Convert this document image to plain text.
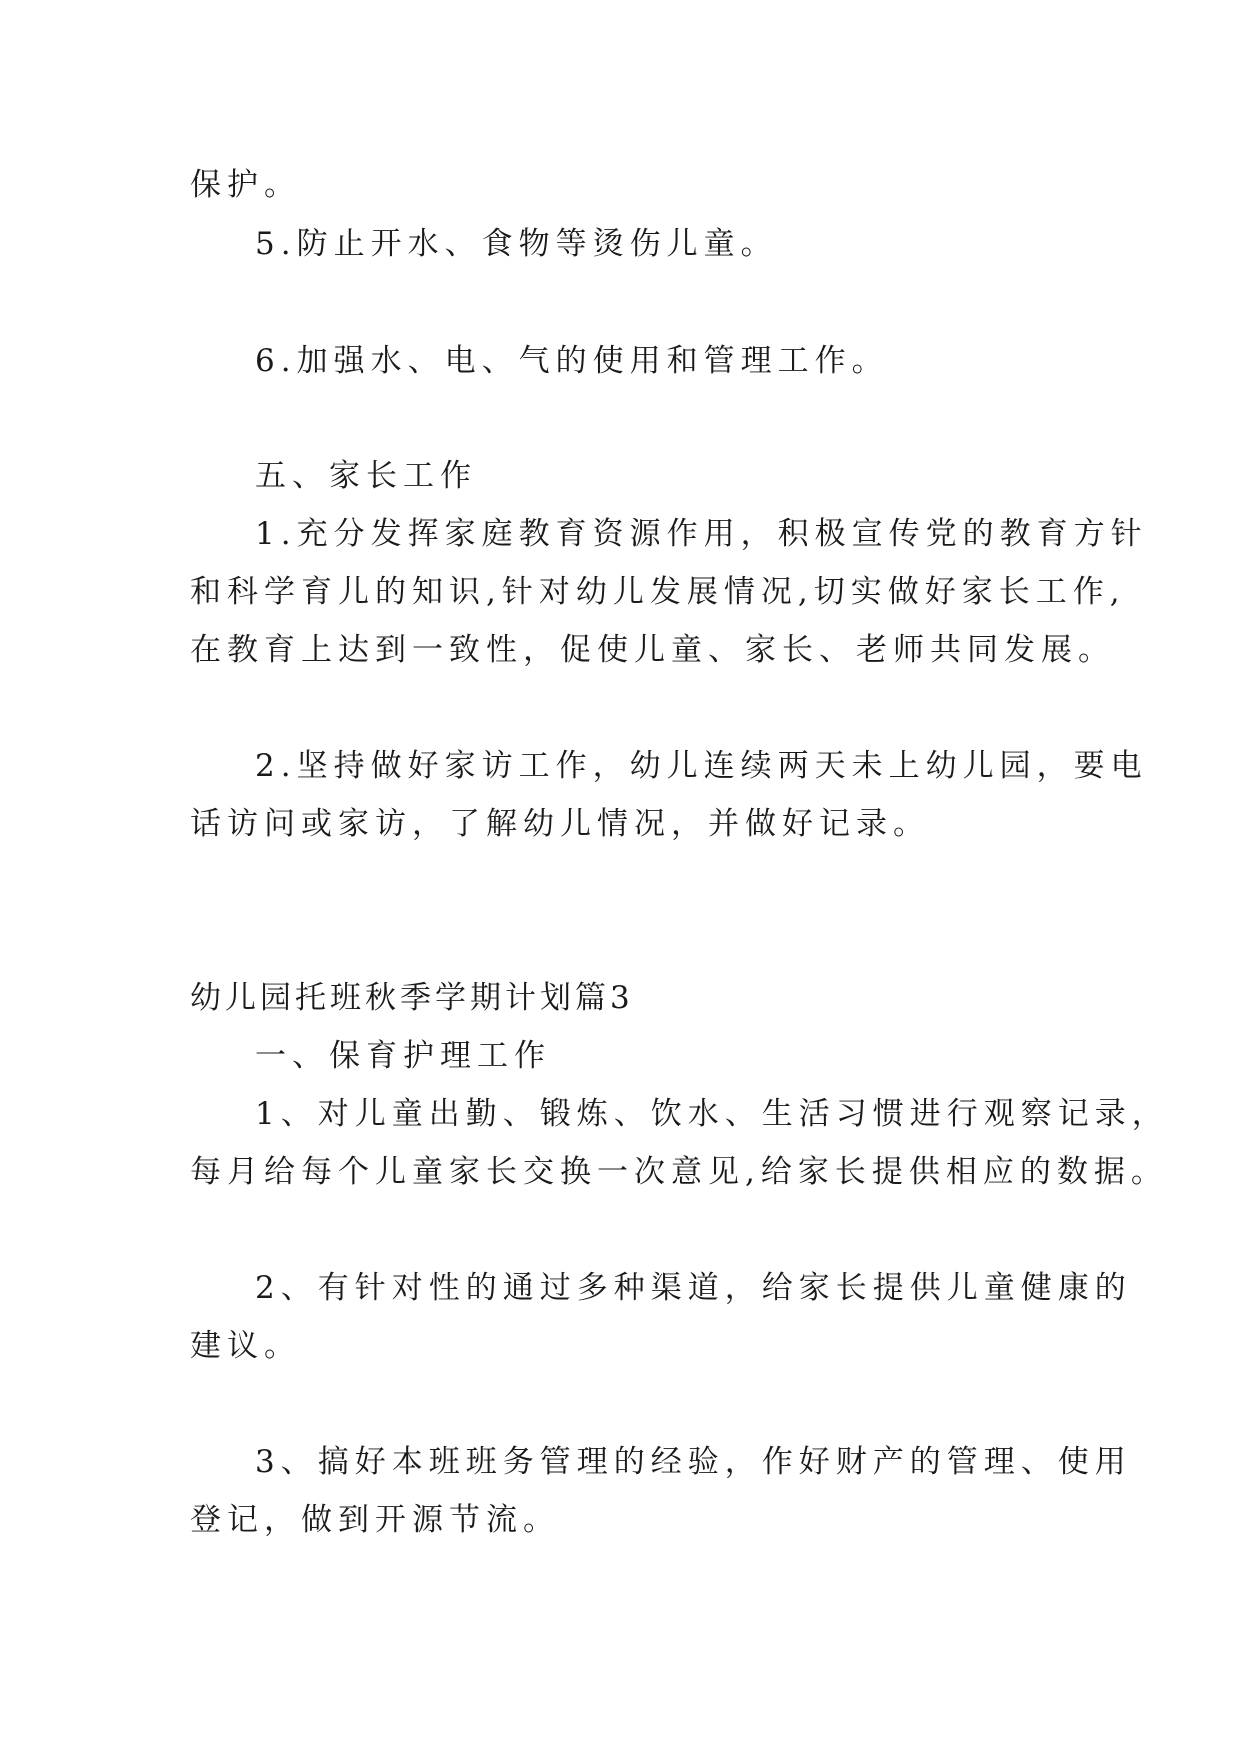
保护。
5.防止开水、食物等烫伤儿童。
6.加强水、电、气的使用和管理工作。
五、家长工作
1.充分发挥家庭教育资源作用，积极宣传党的教育方针
和科学育儿的知识,针对幼儿发展情况,切实做好家长工作,
在教育上达到一致性，促使儿童、家长、老师共同发展。
2.坚持做好家访工作，幼儿连续两天未上幼儿园，要电
话访问或家访，了解幼儿情况，并做好记录。
幼儿园托班秋季学期计划篇3
一、保育护理工作
1、对儿童出勤、锻炼、饮水、生活习惯进行观察记录，
每月给每个儿童家长交换一次意见,给家长提供相应的数据。
2、有针对性的通过多种渠道，给家长提供儿童健康的
建议。
3、搞好本班班务管理的经验，作好财产的管理、使用
登记，做到开源节流。
